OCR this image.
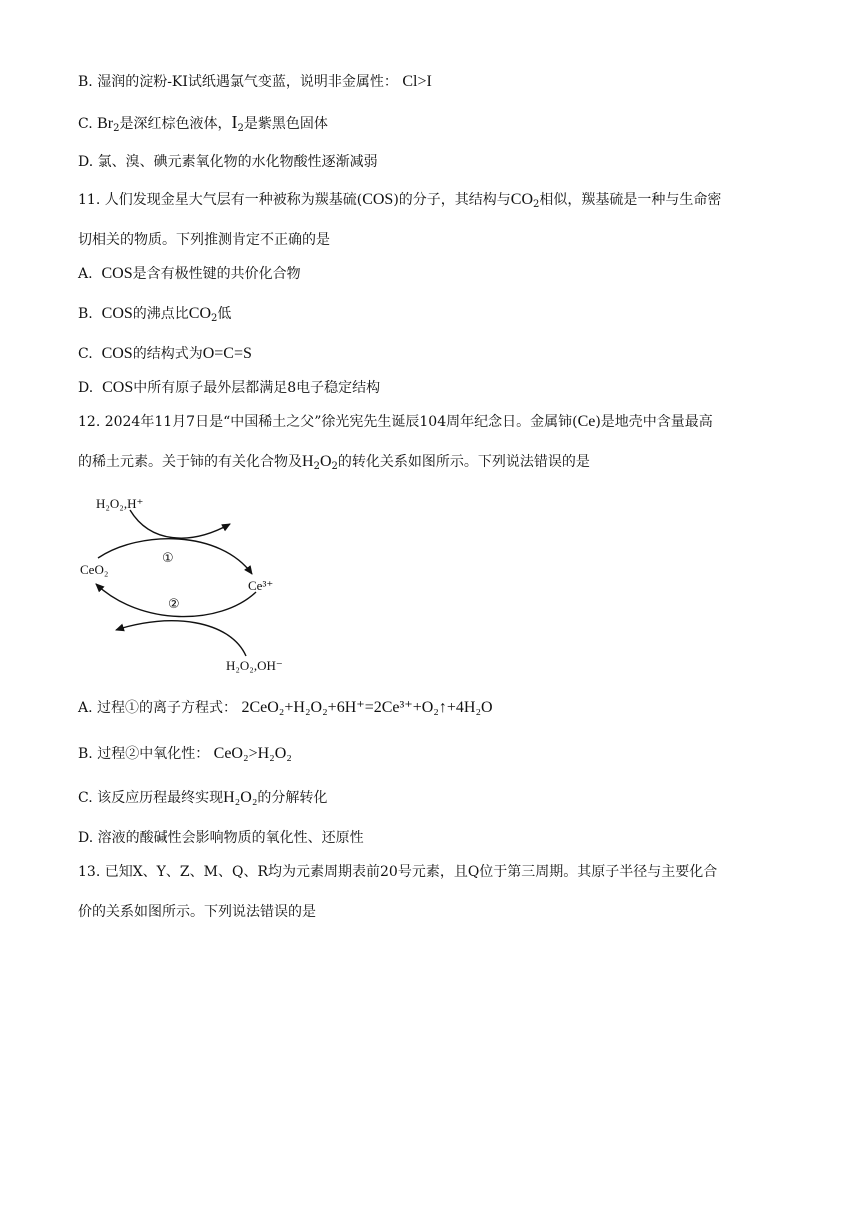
B. 湿润的淀粉-KI试纸遇氯气变蓝，说明非金属性： Cl>I
C. $Br_2$是深红棕色液体，$I_2$是紫黑色固体
D. 氯、溴、碘元素氧化物的水化物酸性逐渐减弱
11. 人们发现金星大气层有一种被称为羰基硫(COS)的分子，其结构与$CO_2$相似，羰基硫是一种与生命密
切相关的物质。下列推测肯定不正确的是
A. COS是含有极性键的共价化合物
B. COS的沸点比$CO_2$低
C. COS的结构式为O=C=S
D. COS中所有原子最外层都满足8电子稳定结构
12. 2024年11月7日是“中国稀土之父”徐光宪先生诞辰104周年纪念日。金属铈(Ce)是地壳中含量最高
的稀土元素。关于铈的有关化合物及$H_2O_2$的转化关系如图所示。下列说法错误的是
H₂O₂,H⁺
①
CeO₂
Ce³⁺
②
H₂O₂,OH⁻
A. 过程①的离子方程式： 2CeO₂+H₂O₂+6H⁺=2Ce³⁺+O₂↑+4H₂O
B. 过程②中氧化性： CeO₂>H₂O₂
C. 该反应历程最终实现H₂O₂的分解转化
D. 溶液的酸碱性会影响物质的氧化性、还原性
13. 已知X、Y、Z、M、Q、R均为元素周期表前20号元素，且Q位于第三周期。其原子半径与主要化合
价的关系如图所示。下列说法错误的是
